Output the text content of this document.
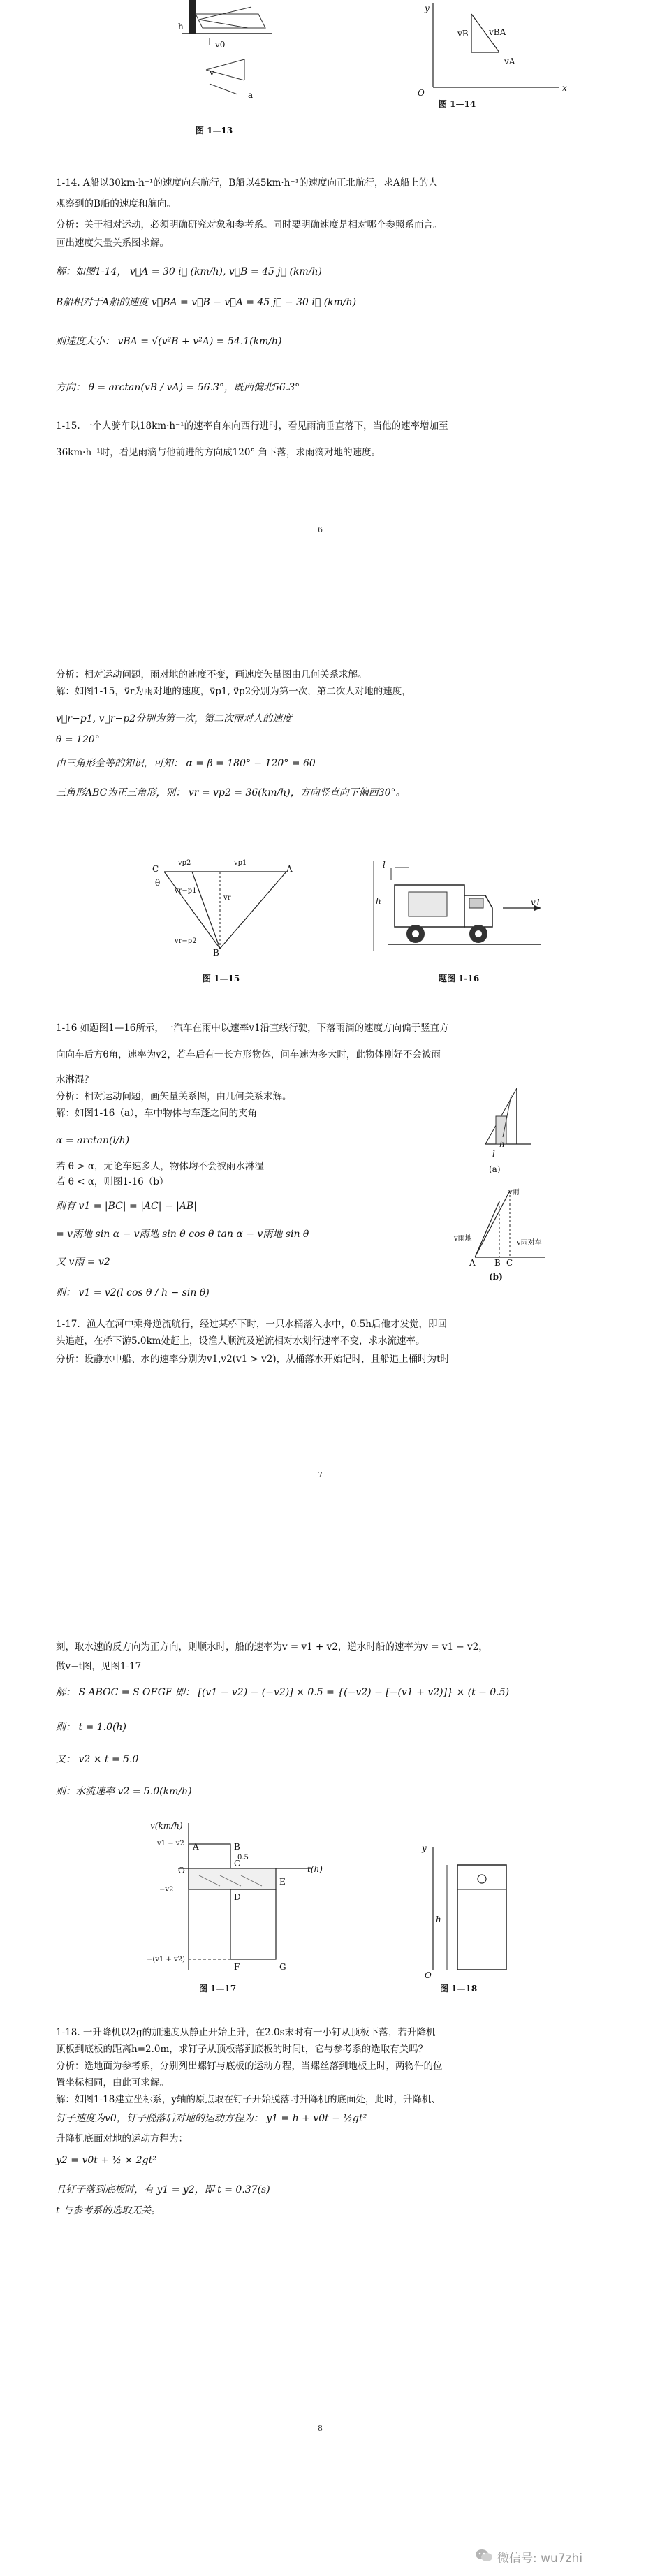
h
v0
v
a
图 1—13
y
x
O
vB vBA
vA
图 1—14
1-14. A船以30km·h⁻¹的速度向东航行，B船以45km·h⁻¹的速度向正北航行，求A船上的人
观察到的B船的速度和航向。
分析：关于相对运动，必须明确研究对象和参考系。同时要明确速度是相对哪个参照系而言。
画出速度矢量关系图求解。
解：如图1-14， v⃗A = 30 i⃗ (km/h), v⃗B = 45 j⃗ (km/h)
B船相对于A船的速度 v⃗BA = v⃗B − v⃗A = 45 j⃗ − 30 i⃗ (km/h)
则速度大小： vBA = √(v²B + v²A) = 54.1(km/h)
方向： θ = arctan(vB / vA) = 56.3°，既西偏北56.3°
1-15. 一个人骑车以18km·h⁻¹的速率自东向西行进时，看见雨滴垂直落下，当他的速率增加至
36km·h⁻¹时，看见雨滴与他前进的方向成120° 角下落，求雨滴对地的速度。
6
分析：相对运动问题，雨对地的速度不变，画速度矢量图由几何关系求解。
解：如图1-15，v⃗r为雨对地的速度，v⃗p1, v⃗p2分别为第一次，第二次人对地的速度，
v⃗r−p1, v⃗r−p2分别为第一次，第二次雨对人的速度
θ = 120°
由三角形全等的知识，可知： α = β = 180° − 120° = 60
三角形ABC为正三角形，则： vr = vp2 = 36(km/h)，方向竖直向下偏西30°。
C	A
B
vp2	vp1
θ
vr−p1
vr−p2
vr
图 1—15
l
h	v1
题图 1-16
1-16 如题图1—16所示，一汽车在雨中以速率v1沿直线行驶，下落雨滴的速度方向偏于竖直方
向向车后方θ角，速率为v2，若车后有一长方形物体，问车速为多大时，此物体刚好不会被雨
水淋湿？
分析：相对运动问题，画矢量关系图，由几何关系求解。
解：如图1-16（a），车中物体与车蓬之间的夹角
α = arctan(l/h)
若 θ > α，无论车速多大，物体均不会被雨水淋湿
若 θ < α，则图1-16（b）
则有 v1 = |BC| = |AC| − |AB|
= v雨地 sin α − v雨地 sin θ cos θ tan α − v雨地 sin θ
又 v雨 = v2
则： v1 = v2(l cos θ / h − sin θ)
1-17．渔人在河中乘舟逆流航行，经过某桥下时，一只水桶落入水中，0.5h后他才发觉，即回
头追赶，在桥下游5.0km处赶上，设渔人顺流及逆流相对水划行速率不变，求水流速率。
分析：设静水中船、水的速率分别为v1,v2(v1 > v2)，从桶落水开始记时，且船追上桶时为t时
h
l
(a)
A B C
v雨
v雨地
v雨对车
(b)
7
刻，取水速的反方向为正方向，则顺水时，船的速率为v = v1 + v2，逆水时船的速率为v = v1 − v2，
做v−t图，见图1-17
解： S ABOC = S OEGF 即： [(v1 − v2) − (−v2)] × 0.5 = {(−v2) − [−(v1 + v2)]} × (t − 0.5)
则： t = 1.0(h)
又： v2 × t = 5.0
则：水流速率 v2 = 5.0(km/h)
v(km/h)
t(h)
A	B
C
D
E
F	G
O
0.5
v1 − v2
−v2
−(v1 + v2)
图 1—17
y
h
O
图 1—18
1-18. 一升降机以2g的加速度从静止开始上升，在2.0s末时有一小钉从顶板下落，若升降机
顶板到底板的距离h=2.0m，求钉子从顶板落到底板的时间t，它与参考系的选取有关吗？
分析：选地面为参考系，分别列出螺钉与底板的运动方程，当螺丝落到地板上时，两物件的位
置坐标相同，由此可求解。
解：如图1-18建立坐标系，y轴的原点取在钉子开始脱落时升降机的底面处，此时，升降机、
钉子速度为v0，钉子脱落后对地的运动方程为： y1 = h + v0t − ½gt²
升降机底面对地的运动方程为：
y2 = v0t + ½ × 2gt²
且钉子落到底板时，有 y1 = y2，即 t = 0.37(s)
t 与参考系的选取无关。
8
微信号: wu7zhi
